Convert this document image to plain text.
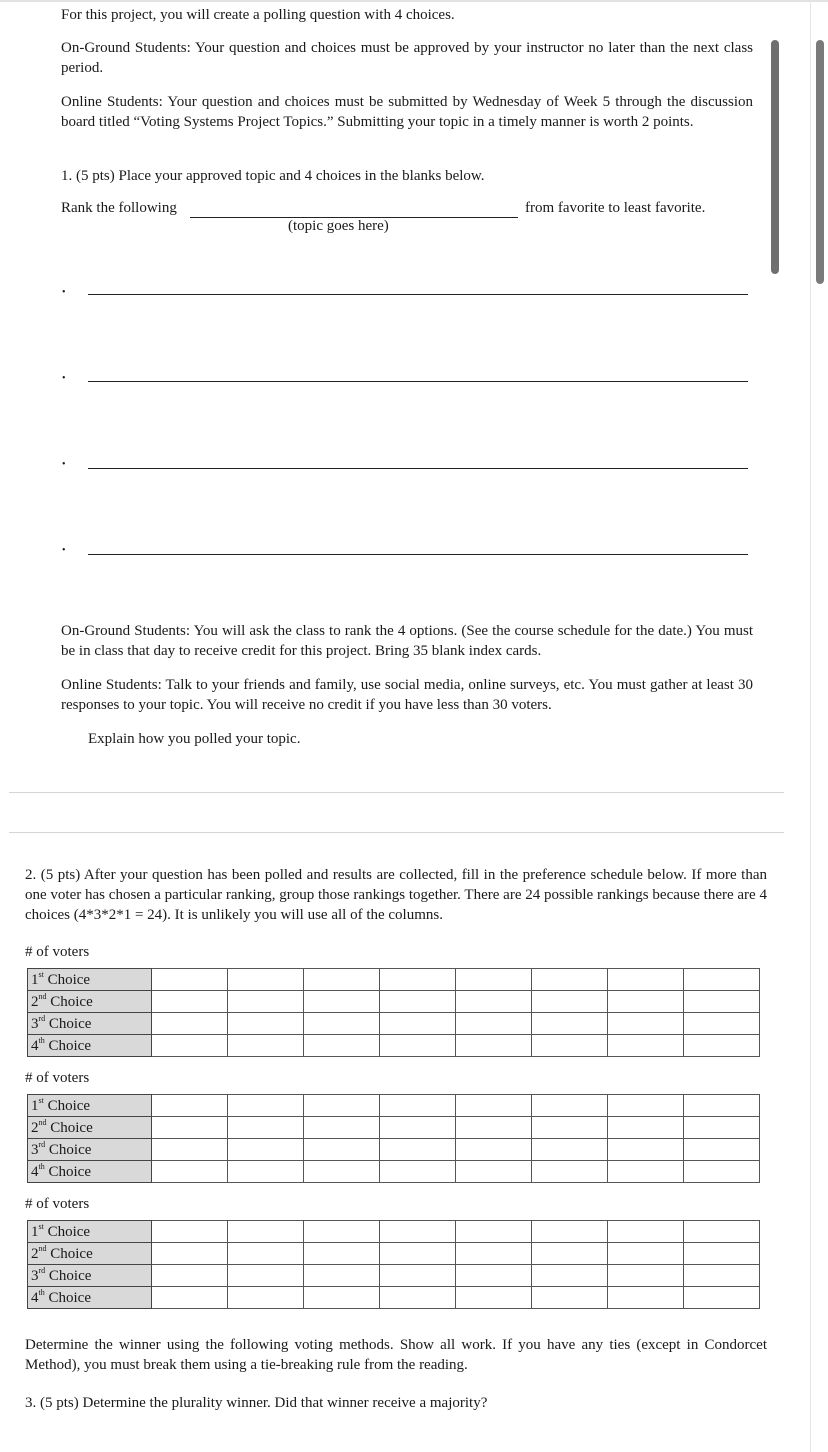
For this project, you will create a polling question with 4 choices.

On-Ground Students: Your question and choices must be approved by your instructor no later than the next class period.

Online Students: Your question and choices must be submitted by Wednesday of Week 5 through the discussion board titled “Voting Systems Project Topics.” Submitting your topic in a timely manner is worth 2 points.

1. (5 pts) Place your approved topic and 4 choices in the blanks below.

Rank the following	from favorite to least favorite.
(topic goes here)
•
•
•
•

On-Ground Students: You will ask the class to rank the 4 options. (See the course schedule for the date.) You must be in class that day to receive credit for this project. Bring 35 blank index cards.

Online Students: Talk to your friends and family, use social media, online surveys, etc. You must gather at least 30 responses to your topic. You will receive no credit if you have less than 30 voters.

Explain how you polled your topic.

2. (5 pts) After your question has been polled and results are collected, fill in the preference schedule below. If more than one voter has chosen a particular ranking, group those rankings together. There are 24 possible rankings because there are 4 choices (4*3*2*1 = 24). It is unlikely you will use all of the columns.

# of voters
1st Choice								
2nd Choice								
3rd Choice								
4th Choice								
# of voters
1st Choice								
2nd Choice								
3rd Choice								
4th Choice								
# of voters
1st Choice								
2nd Choice								
3rd Choice								
4th Choice								

Determine the winner using the following voting methods. Show all work. If you have any ties (except in Condorcet Method), you must break them using a tie-breaking rule from the reading.

3. (5 pts) Determine the plurality winner. Did that winner receive a majority?
